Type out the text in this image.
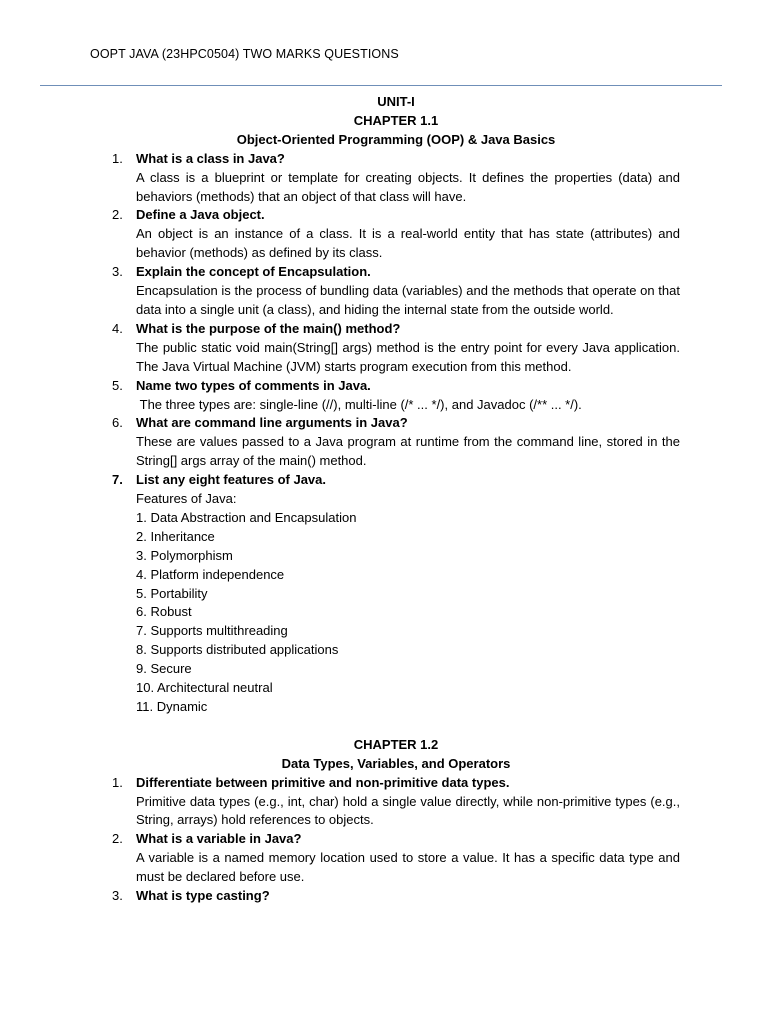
OOPT JAVA (23HPC0504) TWO MARKS QUESTIONS
UNIT-I
CHAPTER 1.1
Object-Oriented Programming (OOP) & Java Basics
1.	What is a class in Java?
A class is a blueprint or template for creating objects. It defines the properties (data) and behaviors (methods) that an object of that class will have.
2.	Define a Java object.
An object is an instance of a class. It is a real-world entity that has state (attributes) and behavior (methods) as defined by its class.
3.	Explain the concept of Encapsulation.
Encapsulation is the process of bundling data (variables) and the methods that operate on that data into a single unit (a class), and hiding the internal state from the outside world.
4.	What is the purpose of the main() method?
The public static void main(String[] args) method is the entry point for every Java application. The Java Virtual Machine (JVM) starts program execution from this method.
5.	Name two types of comments in Java.
The three types are: single-line (//), multi-line (/* ... */), and Javadoc (/** ... */).
6.	What are command line arguments in Java?
These are values passed to a Java program at runtime from the command line, stored in the String[] args array of the main() method.
7.	List any eight features of Java.
Features of Java:
1. Data Abstraction and Encapsulation
2. Inheritance
3. Polymorphism
4. Platform independence
5. Portability
6. Robust
7. Supports multithreading
8. Supports distributed applications
9. Secure
10. Architectural neutral
11. Dynamic
CHAPTER 1.2
Data Types, Variables, and Operators
1.	Differentiate between primitive and non-primitive data types.
Primitive data types (e.g., int, char) hold a single value directly, while non-primitive types (e.g., String, arrays) hold references to objects.
2.	What is a variable in Java?
A variable is a named memory location used to store a value. It has a specific data type and must be declared before use.
3.	What is type casting?
